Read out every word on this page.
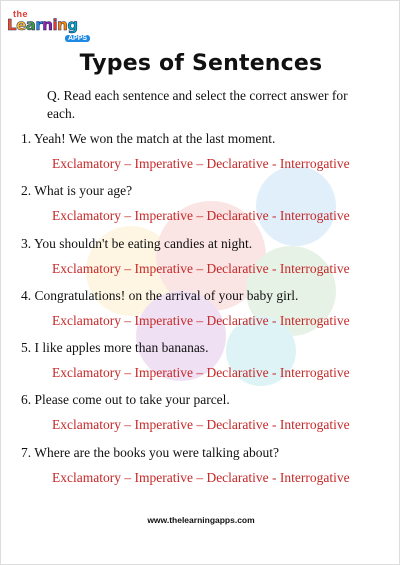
the
Learning
APPS
Types of Sentences
Q. Read each sentence and select the correct answer for each.
1. Yeah! We won the match at the last moment.
Exclamatory – Imperative – Declarative - Interrogative
2. What is your age?
Exclamatory – Imperative – Declarative - Interrogative
3. You shouldn't be eating candies at night.
Exclamatory – Imperative – Declarative - Interrogative
4. Congratulations! on the arrival of your baby girl.
Exclamatory – Imperative – Declarative - Interrogative
5. I like apples more than bananas.
Exclamatory – Imperative – Declarative - Interrogative
6. Please come out to take your parcel.
Exclamatory – Imperative – Declarative - Interrogative
7. Where are the books you were talking about?
Exclamatory – Imperative – Declarative - Interrogative
www.thelearningapps.com
